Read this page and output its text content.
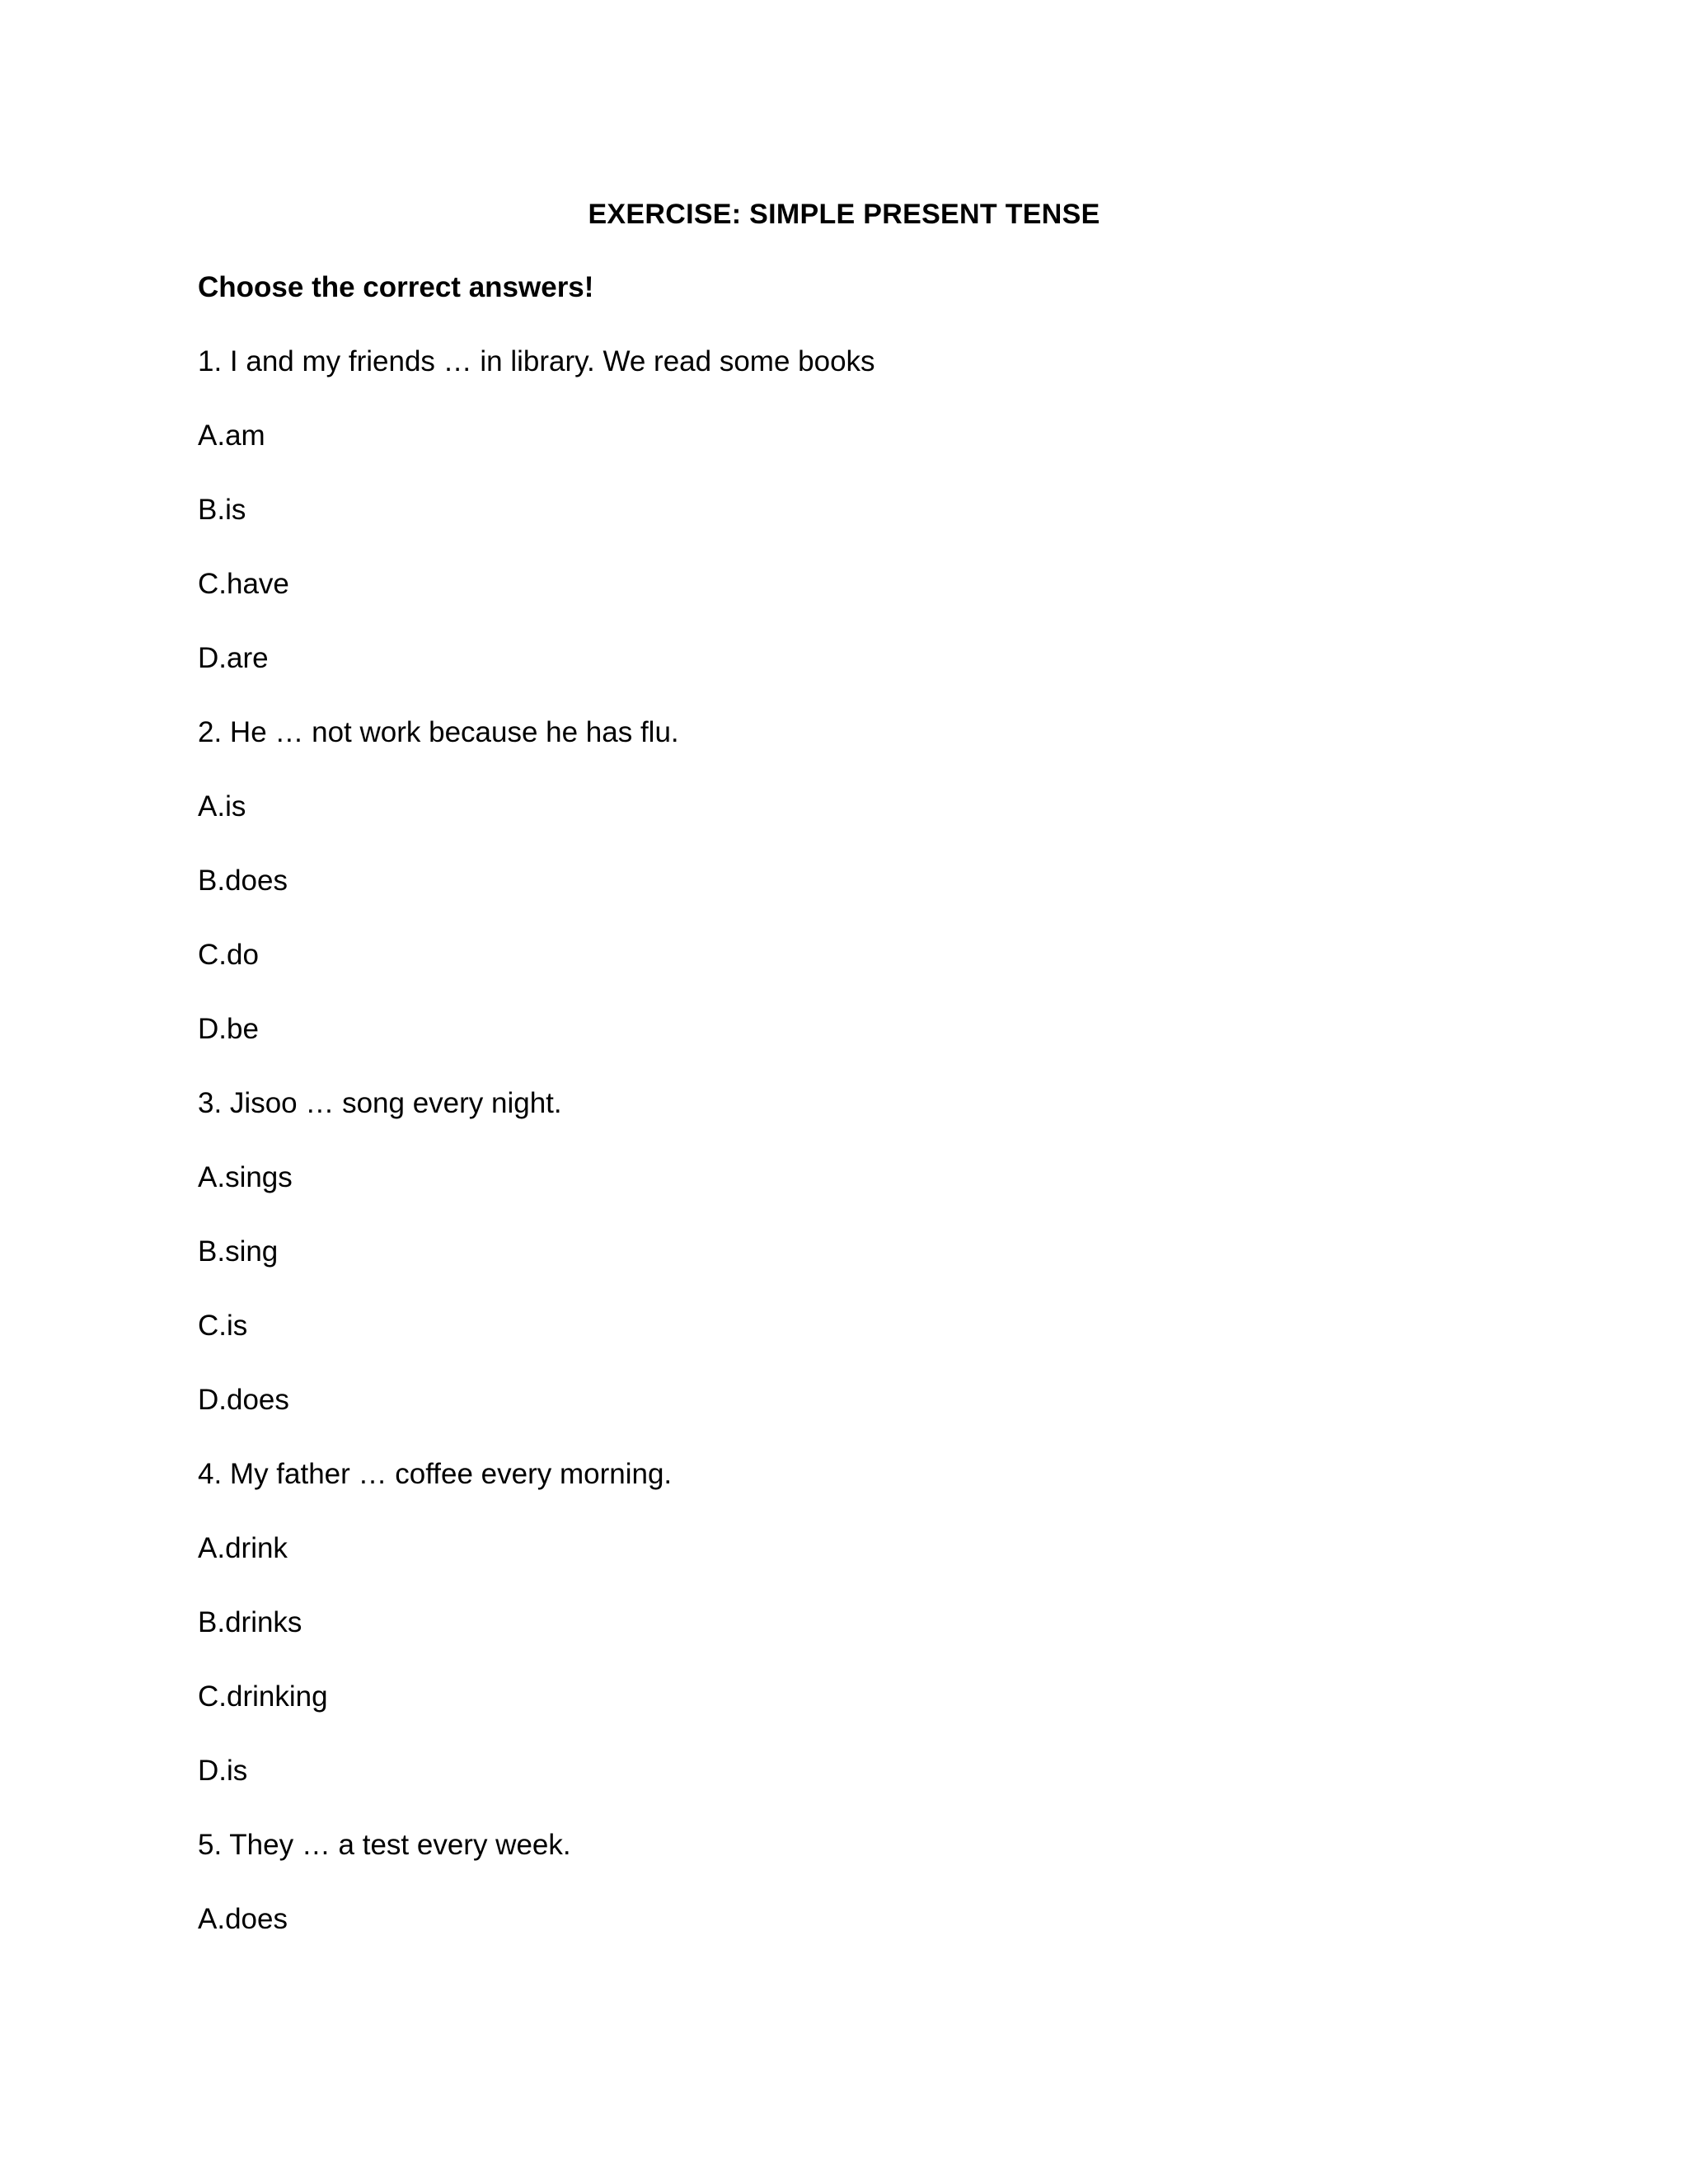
EXERCISE: SIMPLE PRESENT TENSE
Choose the correct answers!
1. I and my friends … in library. We read some books
A.am
B.is
C.have
D.are
2. He … not work because he has flu.
A.is
B.does
C.do
D.be
3. Jisoo … song every night.
A.sings
B.sing
C.is
D.does
4. My father … coffee every morning.
A.drink
B.drinks
C.drinking
D.is
5. They … a test every week.
A.does
